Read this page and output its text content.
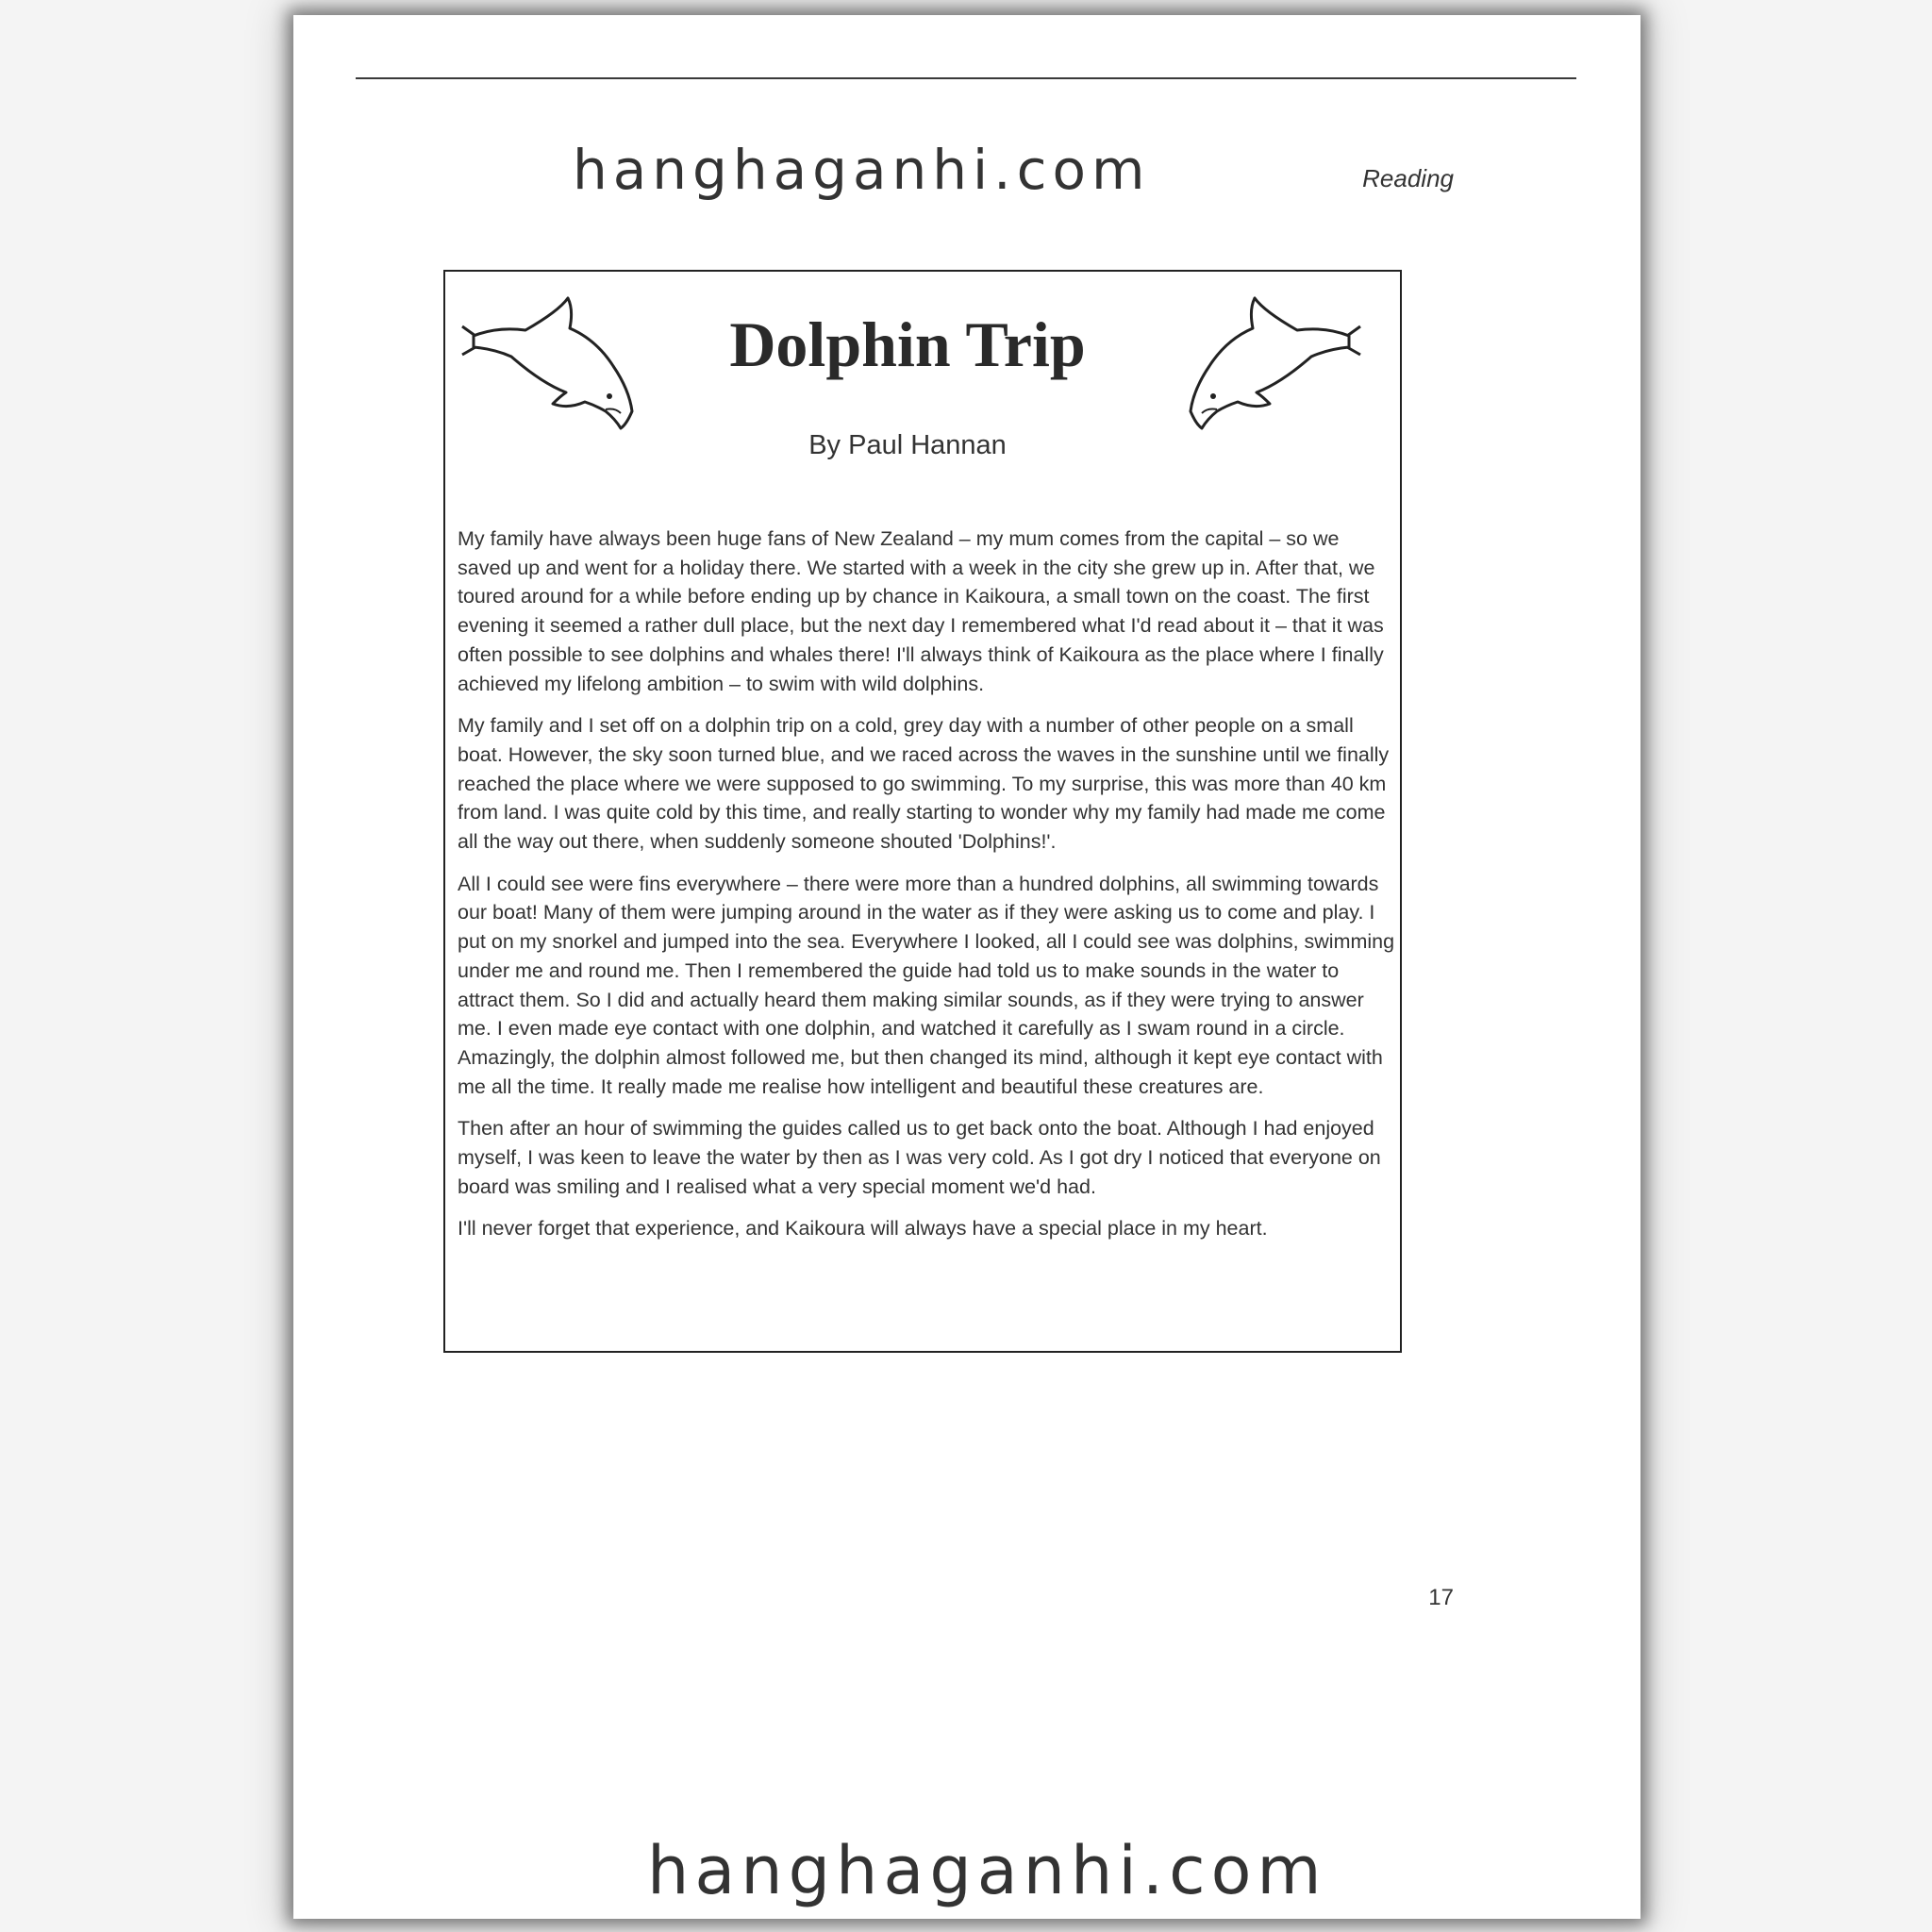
hanghaganhi.com	Reading
Dolphin Trip
By Paul Hannan

My family have always been huge fans of New Zealand – my mum comes from the capital – so we saved up and went for a holiday there. We started with a week in the city she grew up in. After that, we toured around for a while before ending up by chance in Kaikoura, a small town on the coast. The first evening it seemed a rather dull place, but the next day I remembered what I'd read about it – that it was often possible to see dolphins and whales there! I'll always think of Kaikoura as the place where I finally achieved my lifelong ambition – to swim with wild dolphins.

My family and I set off on a dolphin trip on a cold, grey day with a number of other people on a small boat. However, the sky soon turned blue, and we raced across the waves in the sunshine until we finally reached the place where we were supposed to go swimming. To my surprise, this was more than 40 km from land. I was quite cold by this time, and really starting to wonder why my family had made me come all the way out there, when suddenly someone shouted 'Dolphins!'.

All I could see were fins everywhere – there were more than a hundred dolphins, all swimming towards our boat! Many of them were jumping around in the water as if they were asking us to come and play. I put on my snorkel and jumped into the sea. Everywhere I looked, all I could see was dolphins, swimming under me and round me. Then I remembered the guide had told us to make sounds in the water to attract them. So I did and actually heard them making similar sounds, as if they were trying to answer me. I even made eye contact with one dolphin, and watched it carefully as I swam round in a circle. Amazingly, the dolphin almost followed me, but then changed its mind, although it kept eye contact with me all the time. It really made me realise how intelligent and beautiful these creatures are.

Then after an hour of swimming the guides called us to get back onto the boat. Although I had enjoyed myself, I was keen to leave the water by then as I was very cold. As I got dry I noticed that everyone on board was smiling and I realised what a very special moment we'd had.

I'll never forget that experience, and Kaikoura will always have a special place in my heart.

17
hanghaganhi.com
